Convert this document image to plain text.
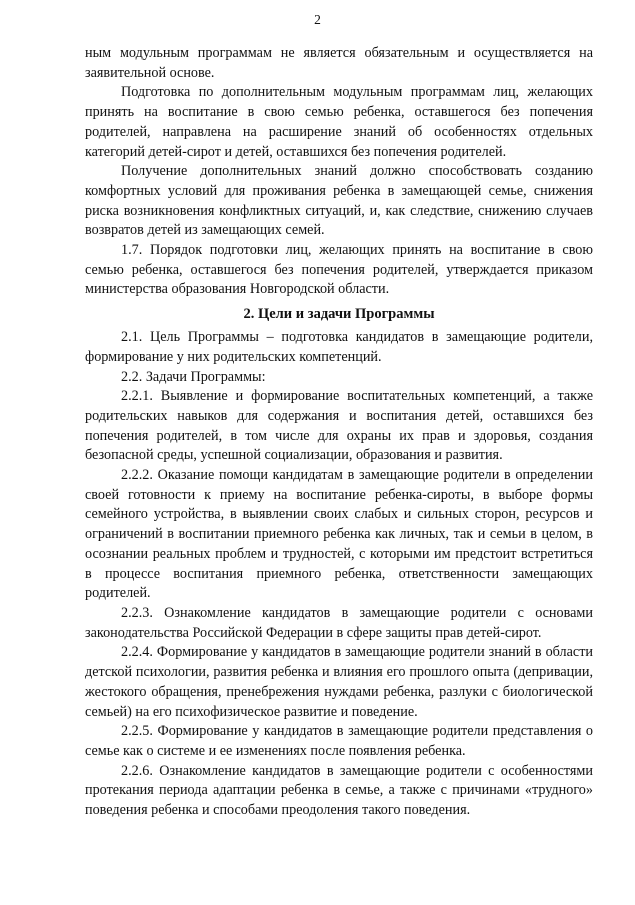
2

ным модульным программам не является обязательным и осуществляется на заявительной основе.

Подготовка по дополнительным модульным программам лиц, желающих принять на воспитание в свою семью ребенка, оставшегося без попечения родителей, направлена на расширение знаний об особенностях отдельных категорий детей-сирот и детей, оставшихся без попечения родителей.

Получение дополнительных знаний должно способствовать созданию комфортных условий для проживания ребенка в замещающей семье, снижения риска возникновения конфликтных ситуаций, и, как следствие, снижению случаев возвратов детей из замещающих семей.

1.7. Порядок подготовки лиц, желающих принять на воспитание в свою семью ребенка, оставшегося без попечения родителей, утверждается приказом министерства образования Новгородской области.

2. Цели и задачи Программы

2.1. Цель Программы – подготовка кандидатов в замещающие родители, формирование у них родительских компетенций.

2.2. Задачи Программы:

2.2.1. Выявление и формирование воспитательных компетенций, а также родительских навыков для содержания и воспитания детей, оставшихся без попечения родителей, в том числе для охраны их прав и здоровья, создания безопасной среды, успешной социализации, образования и развития.

2.2.2. Оказание помощи кандидатам в замещающие родители в определении своей готовности к приему на воспитание ребенка-сироты, в выборе формы семейного устройства, в выявлении своих слабых и сильных сторон, ресурсов и ограничений в воспитании приемного ребенка как личных, так и семьи в целом, в осознании реальных проблем и трудностей, с которыми им предстоит встретиться в процессе воспитания приемного ребенка, ответственности замещающих родителей.

2.2.3. Ознакомление кандидатов в замещающие родители с основами законодательства Российской Федерации в сфере защиты прав детей-сирот.

2.2.4. Формирование у кандидатов в замещающие родители знаний в области детской психологии, развития ребенка и влияния его прошлого опыта (депривации, жестокого обращения, пренебрежения нуждами ребенка, разлуки с биологической семьей) на его психофизическое развитие и поведение.

2.2.5. Формирование у кандидатов в замещающие родители представления о семье как о системе и ее изменениях после появления ребенка.

2.2.6. Ознакомление кандидатов в замещающие родители с особенностями протекания периода адаптации ребенка в семье, а также с причинами «трудного» поведения ребенка и способами преодоления такого поведения.
